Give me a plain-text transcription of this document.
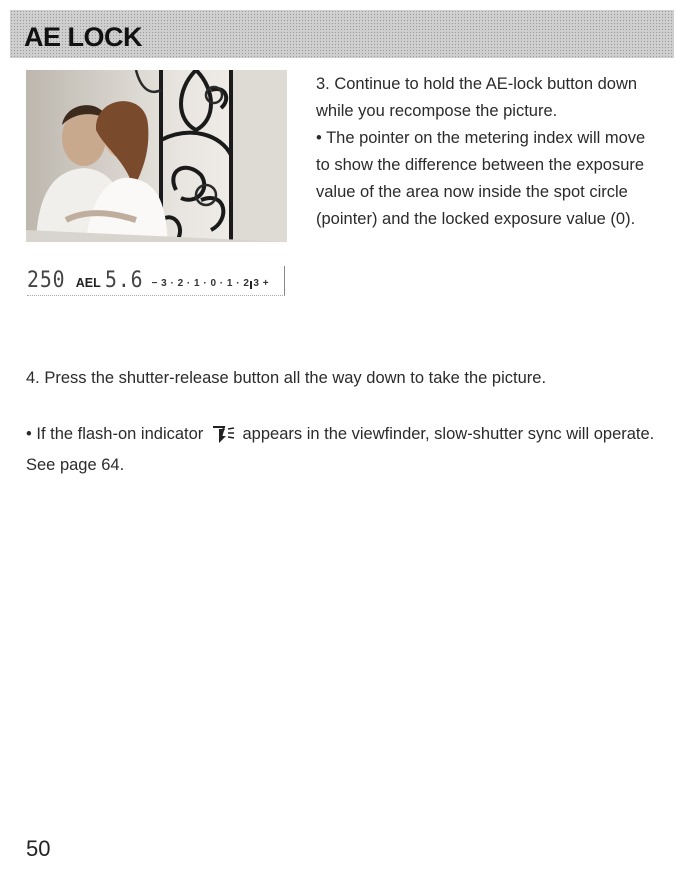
AE LOCK

3. Continue to hold the AE-lock button down while you recompose the picture.

• The pointer on the metering index will move to show the difference between the exposure value of the area now inside the spot circle (pointer) and the locked exposure value (0).

250 AEL 5.6 − 3 · 2 · 1 · 0 · 1 · 2 3 +

4. Press the shutter-release button all the way down to take the picture.

• If the flash-on indicator appears in the viewfinder, slow-shutter sync will operate. See page 64.

50
